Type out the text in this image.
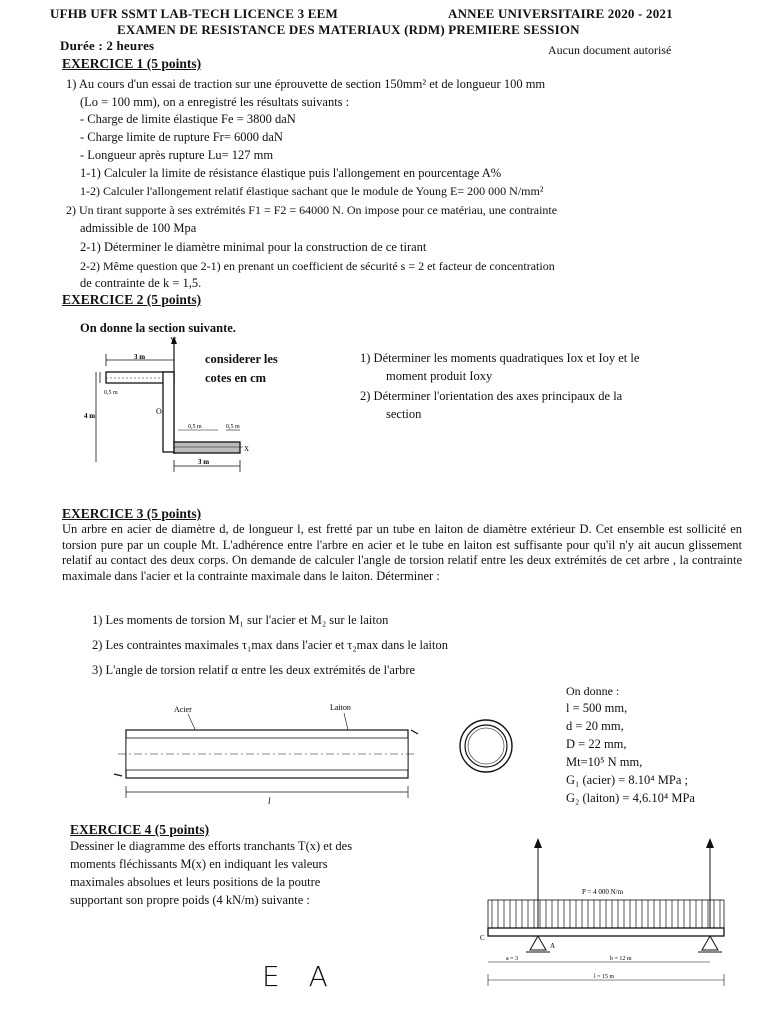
UFHB UFR SSMT LAB-TECH LICENCE 3 EEM	ANNEE UNIVERSITAIRE 2020 - 2021
EXAMEN DE RESISTANCE DES MATERIAUX (RDM) PREMIERE SESSION
Durée : 2 heures	Aucun document autorisé
EXERCICE 1 (5 points)
1) Au cours d'un essai de traction sur une éprouvette de section 150mm² et de longueur 100 mm
(Lo = 100 mm), on a enregistré les résultats suivants :
- Charge de limite élastique Fe = 3800 daN
- Charge limite de rupture Fr= 6000 daN
- Longueur après rupture Lu= 127 mm
1-1) Calculer la limite de résistance élastique puis l'allongement en pourcentage A%
1-2) Calculer l'allongement relatif élastique sachant que le module de Young E= 200 000 N/mm²
2) Un tirant supporte à ses extrémités F1 = F2 = 64000 N. On impose pour ce matériau, une contrainte
admissible de 100 Mpa
2-1) Déterminer le diamètre minimal pour la construction de ce tirant
2-2) Même question que 2-1) en prenant un coefficient de sécurité s = 2 et facteur de concentration
de contrainte de k = 1,5.
EXERCICE 2 (5 points)
On donne la section suivante.
considerer les
cotes en cm
1) Déterminer les moments quadratiques Iox et Ioy et le
moment produit Ioxy
2) Déterminer l'orientation des axes principaux de la
section
Y
3 m
0,5 m
4 m	O
X
0,5 m	0,5 m
3 m
EXERCICE 3 (5 points)
Un arbre en acier de diamètre d, de longueur l, est fretté par un tube en laiton de diamètre extérieur D. Cet ensemble est sollicité en torsion pure par un couple Mt. L'adhérence entre l'arbre en acier et le tube en laiton est suffisante pour qu'il n'y ait aucun glissement relatif au contact des deux corps. On demande de calculer l'angle de torsion relatif entre les deux extrémités de cet arbre , la contrainte maximale dans l'acier et la contrainte maximale dans le laiton. Déterminer :
1) Les moments de torsion M₁ sur l'acier et M₂ sur le laiton
2) Les contraintes maximales τ₁max dans l'acier et τ₂max dans le laiton
3) L'angle de torsion relatif α entre les deux extrémités de l'arbre
Acier	Laiton
l
On donne :
l = 500 mm,
d = 20 mm,
D = 22 mm,
Mt=10⁵ N mm,
G₁ (acier) = 8.10⁴ MPa ;
G₂ (laiton) = 4,6.10⁴ MPa
EXERCICE 4 (5 points)
Dessiner le diagramme des efforts tranchants T(x) et des
moments fléchissants M(x) en indiquant les valeurs
maximales absolues et leurs positions de la poutre
supportant son propre poids (4 kN/m) suivante :
P = 4 000 N/m
C
A
a = 3	b = 12 m
l = 15 m
E A
